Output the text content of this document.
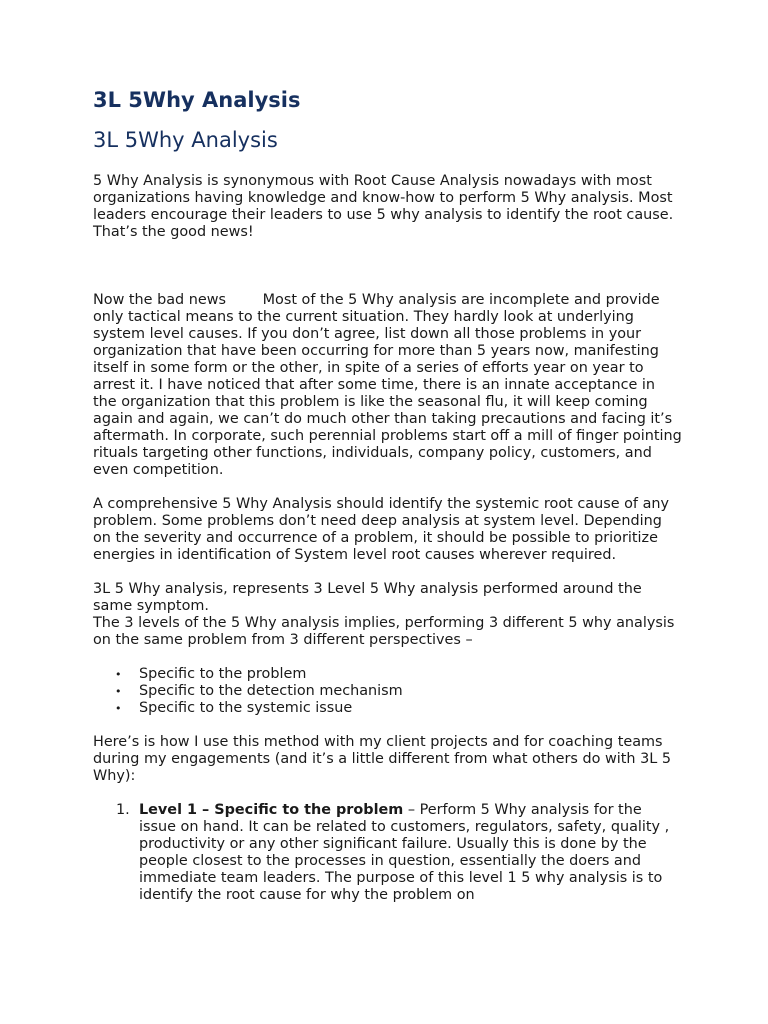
3L 5Why Analysis
3L 5Why Analysis

5 Why Analysis is synonymous with Root Cause Analysis nowadays with most organizations having knowledge and know-how to perform 5 Why analysis. Most leaders encourage their leaders to use 5 why analysis to identify the root cause. That’s the good news!

Now the bad news        Most of the 5 Why analysis are incomplete and provide only tactical means to the current situation. They hardly look at underlying system level causes. If you don’t agree, list down all those problems in your organization that have been occurring for more than 5 years now, manifesting itself in some form or the other, in spite of a series of efforts year on year to arrest it. I have noticed that after some time, there is an innate acceptance in the organization that this problem is like the seasonal flu, it will keep coming again and again, we can’t do much other than taking precautions and facing it’s aftermath. In corporate, such perennial problems start off a mill of finger pointing rituals targeting other functions, individuals, company policy, customers, and even competition.

A comprehensive 5 Why Analysis should identify the systemic root cause of any problem. Some problems don’t need deep analysis at system level. Depending on the severity and occurrence of a problem, it should be possible to prioritize energies in identification of System level root causes wherever required.

3L 5 Why analysis, represents 3 Level 5 Why analysis performed around the same symptom.

The 3 levels of the 5 Why analysis implies, performing 3 different 5 why analysis on the same problem from 3 different perspectives –

• Specific to the problem
• Specific to the detection mechanism
• Specific to the systemic issue

Here’s is how I use this method with my client projects and for coaching teams during my engagements (and it’s a little different from what others do with 3L 5 Why):

1. Level 1 – Specific to the problem – Perform 5 Why analysis for the issue on hand. It can be related to customers, regulators, safety, quality , productivity or any other significant failure. Usually this is done by the people closest to the processes in question, essentially the doers and immediate team leaders. The purpose of this level 1 5 why analysis is to identify the root cause for why the problem on
